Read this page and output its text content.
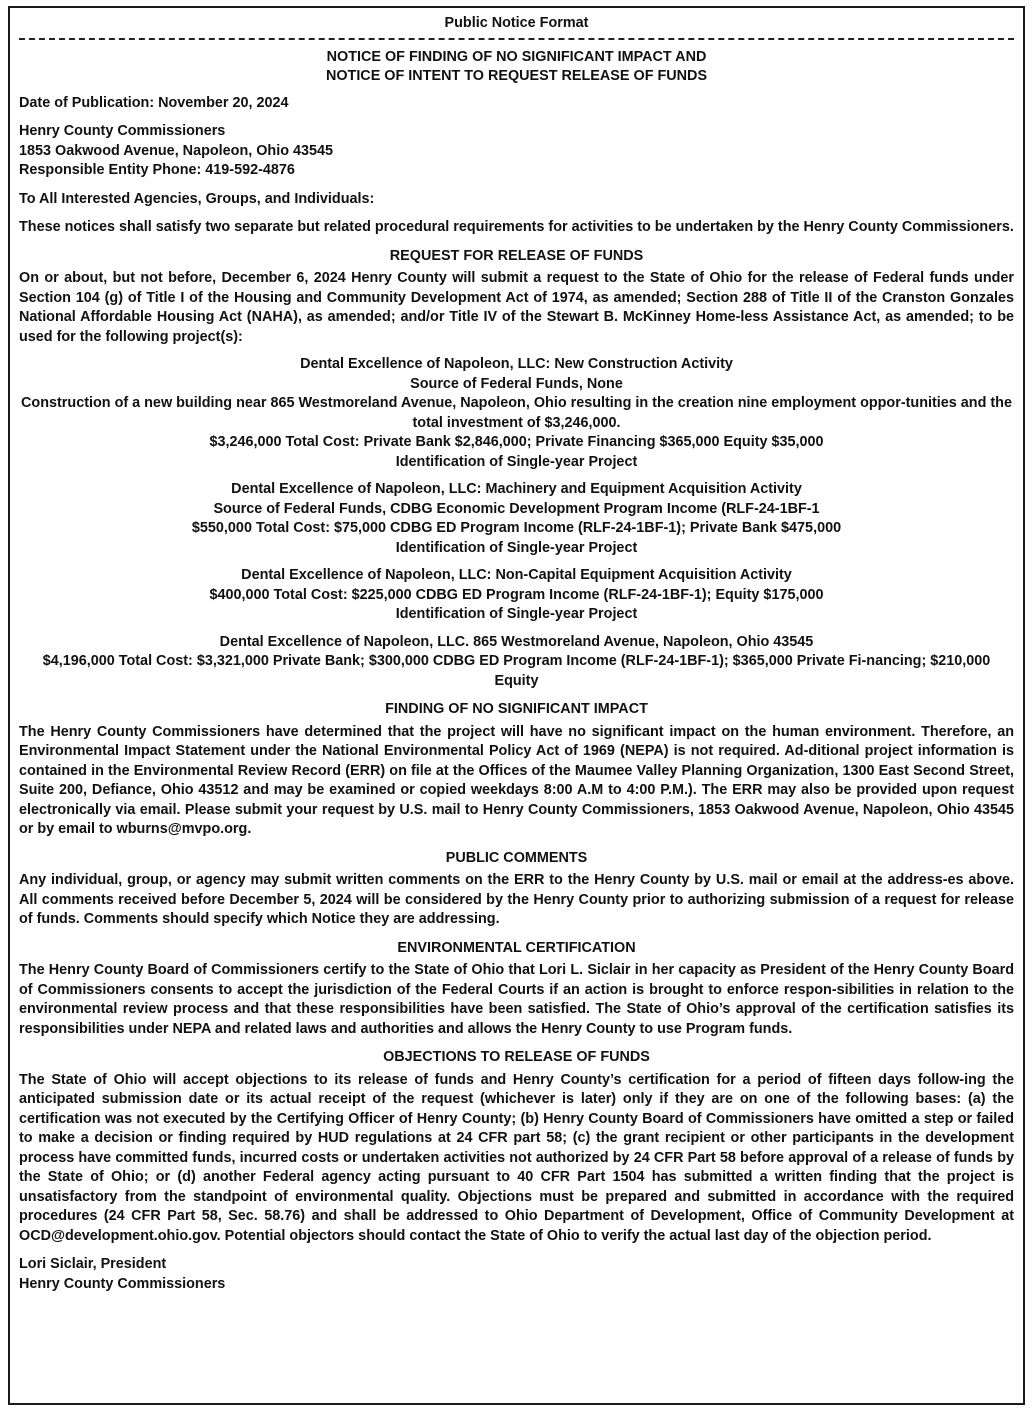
Public Notice Format

NOTICE OF FINDING OF NO SIGNIFICANT IMPACT AND
NOTICE OF INTENT TO REQUEST RELEASE OF FUNDS

Date of Publication: November 20, 2024

Henry County Commissioners
1853 Oakwood Avenue, Napoleon, Ohio 43545
Responsible Entity Phone: 419-592-4876

To All Interested Agencies, Groups, and Individuals:

These notices shall satisfy two separate but related procedural requirements for activities to be undertaken by the Henry County Commissioners.

REQUEST FOR RELEASE OF FUNDS

On or about, but not before, December 6, 2024 Henry County will submit a request to the State of Ohio for the release of Federal funds under Section 104 (g) of Title I of the Housing and Community Development Act of 1974, as amended; Section 288 of Title II of the Cranston Gonzales National Affordable Housing Act (NAHA), as amended; and/or Title IV of the Stewart B. McKinney Home-less Assistance Act, as amended; to be used for the following project(s):

Dental Excellence of Napoleon, LLC: New Construction Activity
Source of Federal Funds, None
Construction of a new building near 865 Westmoreland Avenue, Napoleon, Ohio resulting in the creation nine employment oppor-tunities and the total investment of $3,246,000.
$3,246,000 Total Cost: Private Bank $2,846,000; Private Financing $365,000 Equity $35,000
Identification of Single-year Project
Dental Excellence of Napoleon, LLC: Machinery and Equipment Acquisition Activity
Source of Federal Funds, CDBG Economic Development Program Income (RLF-24-1BF-1
$550,000 Total Cost: $75,000 CDBG ED Program Income (RLF-24-1BF-1); Private Bank $475,000
Identification of Single-year Project
Dental Excellence of Napoleon, LLC: Non-Capital Equipment Acquisition Activity
$400,000 Total Cost: $225,000 CDBG ED Program Income (RLF-24-1BF-1); Equity $175,000
Identification of Single-year Project
Dental Excellence of Napoleon, LLC. 865 Westmoreland Avenue, Napoleon, Ohio 43545
$4,196,000 Total Cost: $3,321,000 Private Bank; $300,000 CDBG ED Program Income (RLF-24-1BF-1); $365,000 Private Fi-nancing; $210,000 Equity

FINDING OF NO SIGNIFICANT IMPACT

The Henry County Commissioners have determined that the project will have no significant impact on the human environment. Therefore, an Environmental Impact Statement under the National Environmental Policy Act of 1969 (NEPA) is not required. Ad-ditional project information is contained in the Environmental Review Record (ERR) on file at the Offices of the Maumee Valley Planning Organization, 1300 East Second Street, Suite 200, Defiance, Ohio 43512 and may be examined or copied weekdays 8:00 A.M to 4:00 P.M.). The ERR may also be provided upon request electronically via email. Please submit your request by U.S. mail to Henry County Commissioners, 1853 Oakwood Avenue, Napoleon, Ohio 43545 or by email to wburns@mvpo.org.

PUBLIC COMMENTS

Any individual, group, or agency may submit written comments on the ERR to the Henry County by U.S. mail or email at the address-es above. All comments received before December 5, 2024 will be considered by the Henry County prior to authorizing submission of a request for release of funds. Comments should specify which Notice they are addressing.

ENVIRONMENTAL CERTIFICATION

The Henry County Board of Commissioners certify to the State of Ohio that Lori L. Siclair in her capacity as President of the Henry County Board of Commissioners consents to accept the jurisdiction of the Federal Courts if an action is brought to enforce respon-sibilities in relation to the environmental review process and that these responsibilities have been satisfied. The State of Ohio’s approval of the certification satisfies its responsibilities under NEPA and related laws and authorities and allows the Henry County to use Program funds.

OBJECTIONS TO RELEASE OF FUNDS

The State of Ohio will accept objections to its release of funds and Henry County’s certification for a period of fifteen days follow-ing the anticipated submission date or its actual receipt of the request (whichever is later) only if they are on one of the following bases: (a) the certification was not executed by the Certifying Officer of Henry County; (b) Henry County Board of Commissioners have omitted a step or failed to make a decision or finding required by HUD regulations at 24 CFR part 58; (c) the grant recipient or other participants in the development process have committed funds, incurred costs or undertaken activities not authorized by 24 CFR Part 58 before approval of a release of funds by the State of Ohio; or (d) another Federal agency acting pursuant to 40 CFR Part 1504 has submitted a written finding that the project is unsatisfactory from the standpoint of environmental quality. Objections must be prepared and submitted in accordance with the required procedures (24 CFR Part 58, Sec. 58.76) and shall be addressed to Ohio Department of Development, Office of Community Development at OCD@development.ohio.gov. Potential objectors should contact the State of Ohio to verify the actual last day of the objection period.

Lori Siclair, President
Henry County Commissioners
